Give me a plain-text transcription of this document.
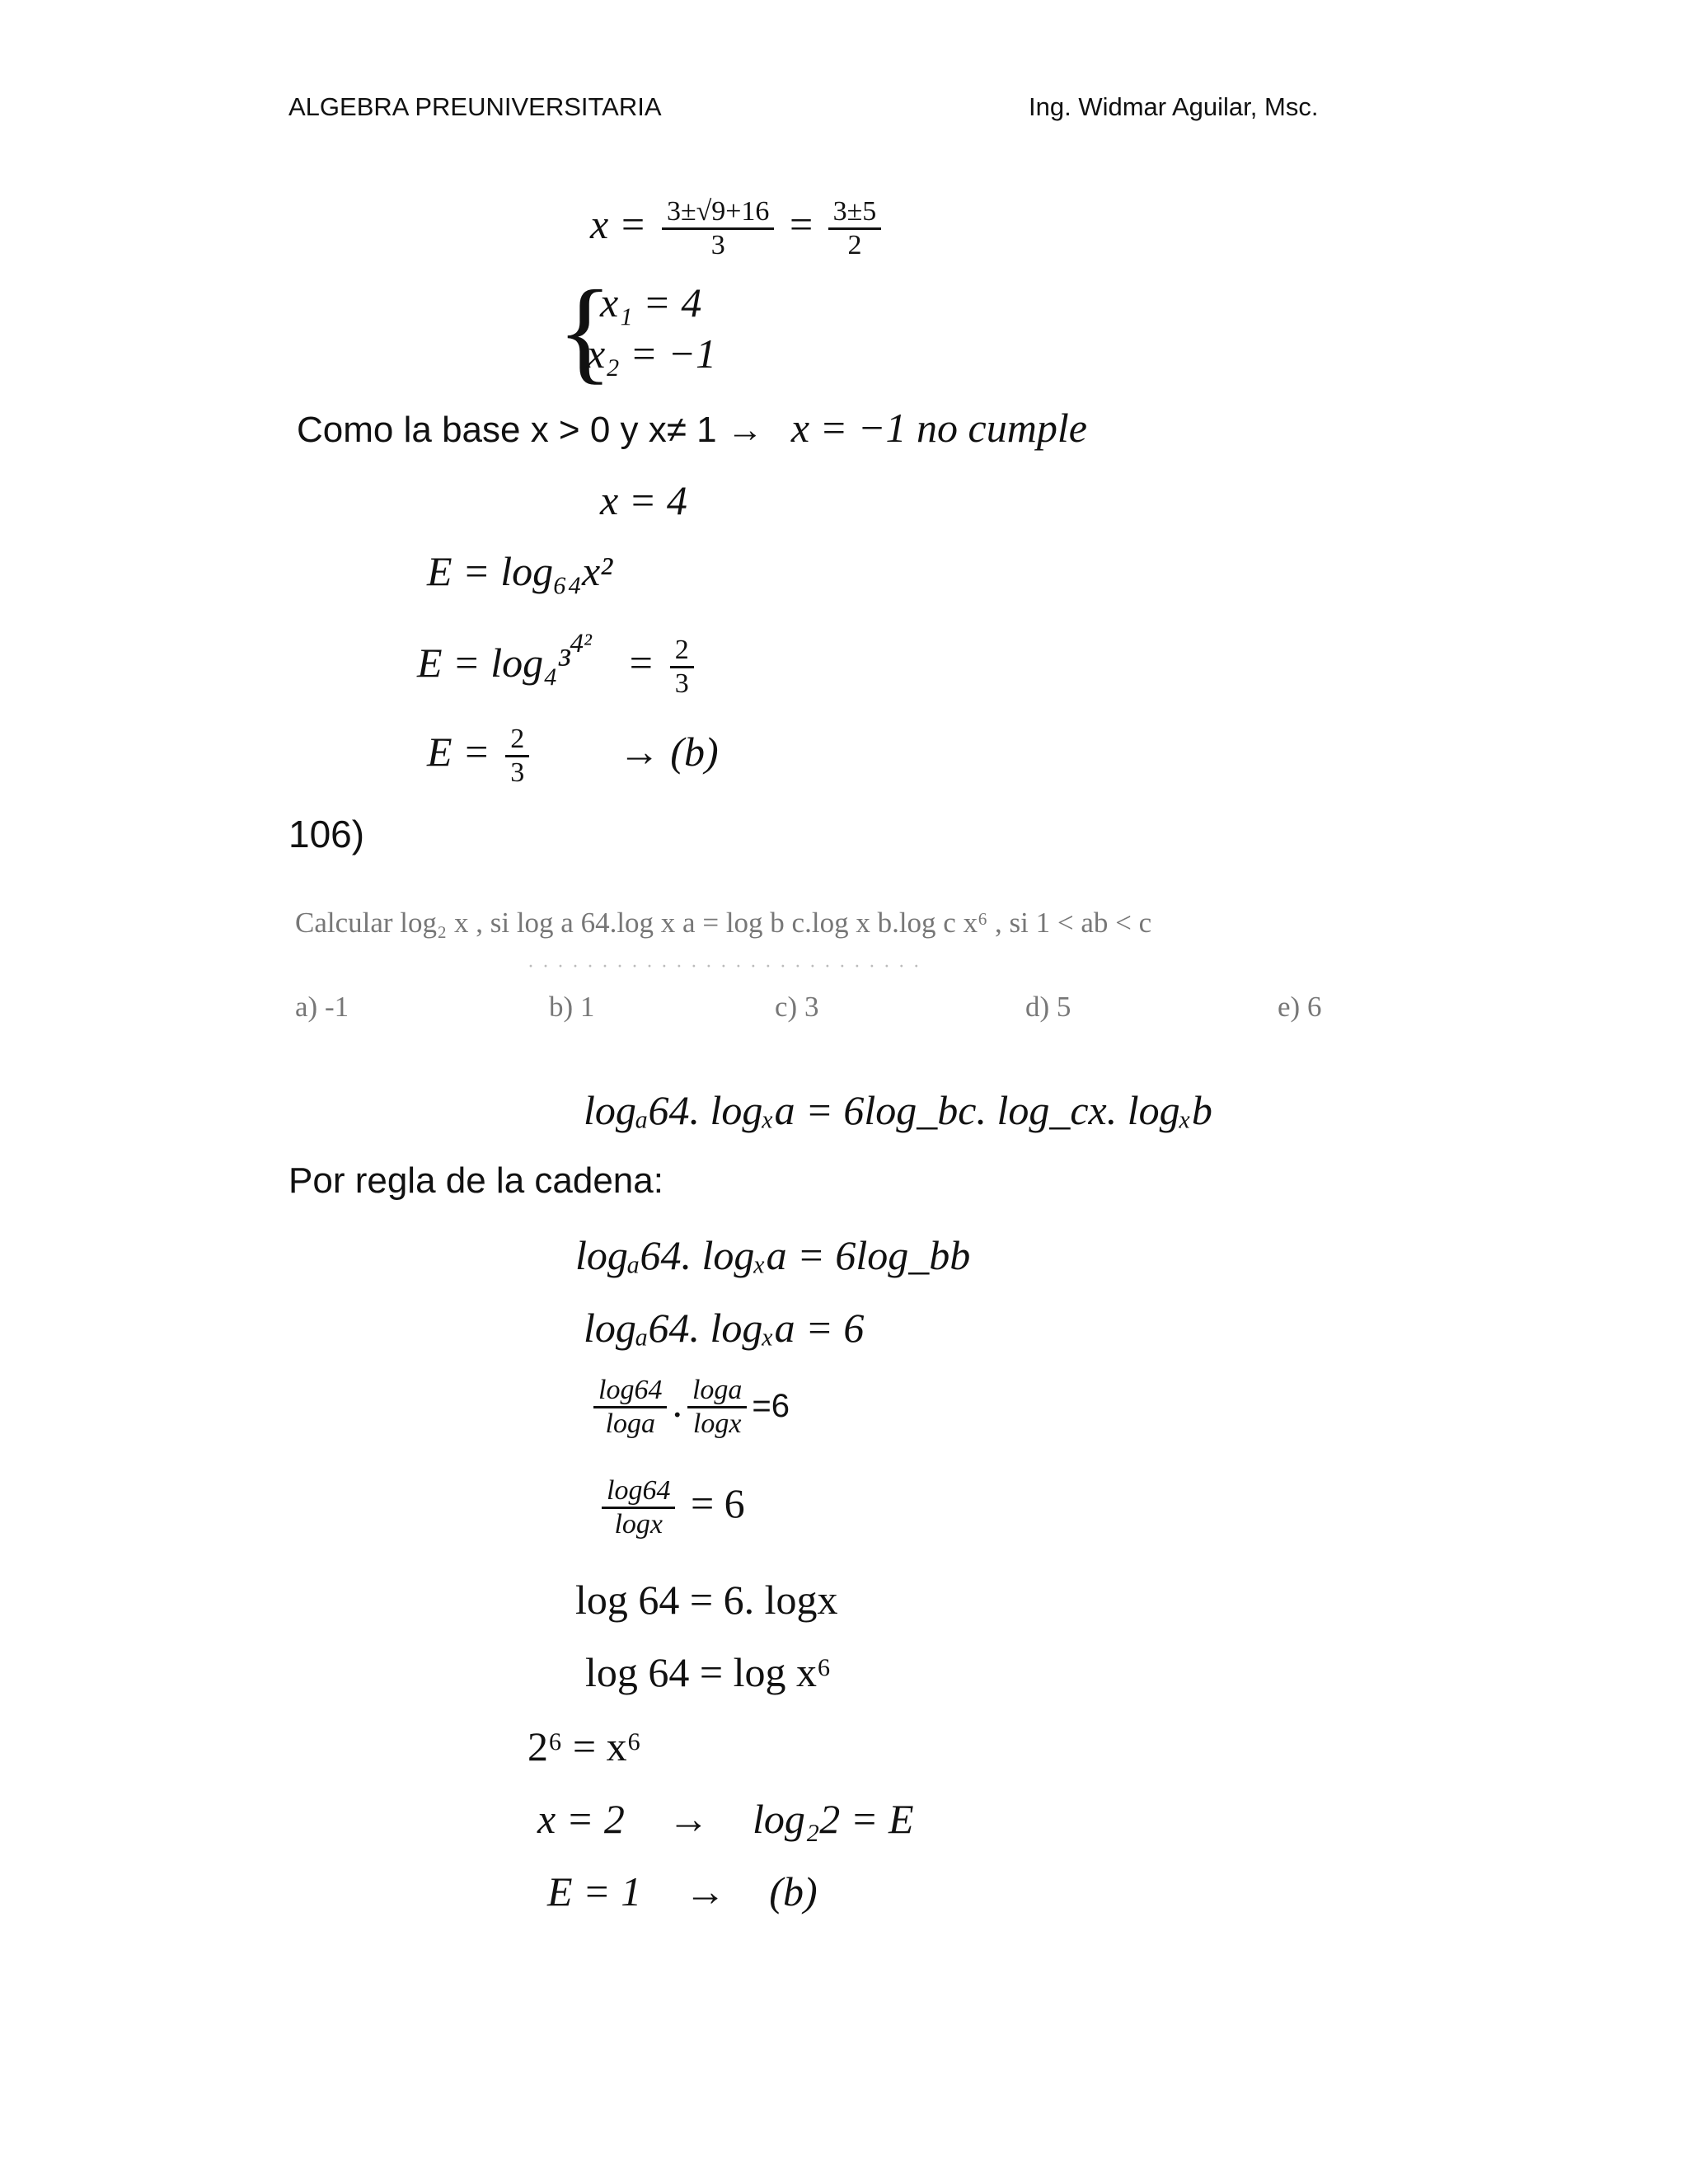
ALGEBRA PREUNIVERSITARIA	Ing. Widmar Aguilar, Msc.
$x = \frac{3\pm√9+16}{3} = \frac{3\pm 5}{2}$
{
x₁ = 4
x₂ = −1
Como la base x > 0 y x≠ 1 → x = −1 no cumple
x = 4
E = log₆₄x²
$E = \log_4^3^{4^2} = \frac{2}{3}$
$E = \frac{2}{3} \to (b)$
106)
Calcular log₂ x , si log a 64.log x a = log b c.log x b.log c x⁶ , si 1 < ab < c
· · · · · · · · · · · · · · · · · · · · · · · · · · ·
a) -1	b) 1	c) 3	d) 5	e) 6
logₐ64. logₓa = 6log_bc. log_cx. logₓb
Por regla de la cadena:
logₐ64. logₓa = 6log_bb
logₐ64. logₓa = 6
$\frac{\log 64}{\log a}$ . $\frac{\log a}{\log x} =6$
$\frac{\log 64}{\log x} = 6$
log 64 = 6. logx
log 64 = log x⁶
2⁶ = x⁶
x = 2 → log₂2 = E
E = 1 → (b)
